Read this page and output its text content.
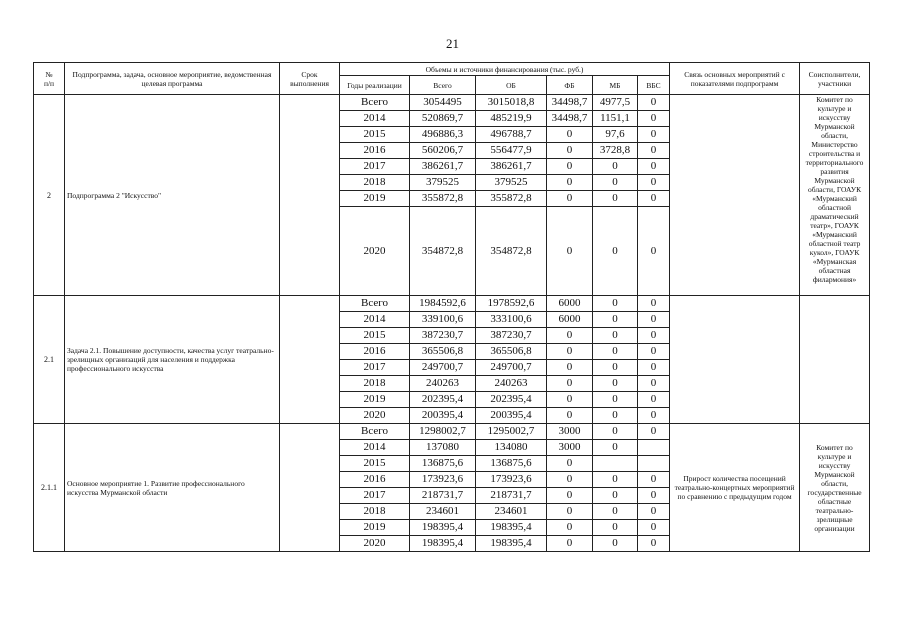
21
№
п/п	Подпрограмма, задача, основное мероприятие, ведомственная целевая программа	Срок выполнения	Объемы и источники финансирования (тыс. руб.)						Связь основных мероприятий с показателями подпрограмм	Соисполнители, участники
			Годы реализации	Всего	ОБ	ФБ	МБ	ВБС		
2	Подпрограмма 2 "Искусство"		Всего	3054495	3015018,8	34498,7	4977,5	0		Комитет по культуре и искусству Мурманской области, Министерство строительства и территориального развития Мурманской области, ГОАУК «Мурманский областной драматический театр», ГОАУК «Мурманский областной театр кукол», ГОАУК «Мурманская областная филармония»
			2014	520869,7	485219,9	34498,7	1151,1	0		
			2015	496886,3	496788,7	0	97,6	0		
			2016	560206,7	556477,9	0	3728,8	0		
			2017	386261,7	386261,7	0	0	0		
			2018	379525	379525	0	0	0		
			2019	355872,8	355872,8	0	0	0		
			2020	354872,8	354872,8	0	0	0		
2.1	Задача 2.1. Повышение доступности, качества услуг театрально-зрелищных организаций для населения и поддержка профессионального искусства		Всего	1984592,6	1978592,6	6000	0	0		
			2014	339100,6	333100,6	6000	0	0		
			2015	387230,7	387230,7	0	0	0		
			2016	365506,8	365506,8	0	0	0		
			2017	249700,7	249700,7	0	0	0		
			2018	240263	240263	0	0	0		
			2019	202395,4	202395,4	0	0	0		
			2020	200395,4	200395,4	0	0	0		
2.1.1	Основное мероприятие 1. Развитие профессионального искусства Мурманской области		Всего	1298002,7	1295002,7	3000	0	0	Прирост количества посещений театрально-концертных мероприятий по сравнению с предыдущим годом	Комитет по культуре и искусству Мурманской области, государственные областные театрально-зрелищные организации
			2014	137080	134080	3000	0			
			2015	136875,6	136875,6	0				
			2016	173923,6	173923,6	0	0	0		
			2017	218731,7	218731,7	0	0	0		
			2018	234601	234601	0	0	0		
			2019	198395,4	198395,4	0	0	0		
			2020	198395,4	198395,4	0	0	0		
